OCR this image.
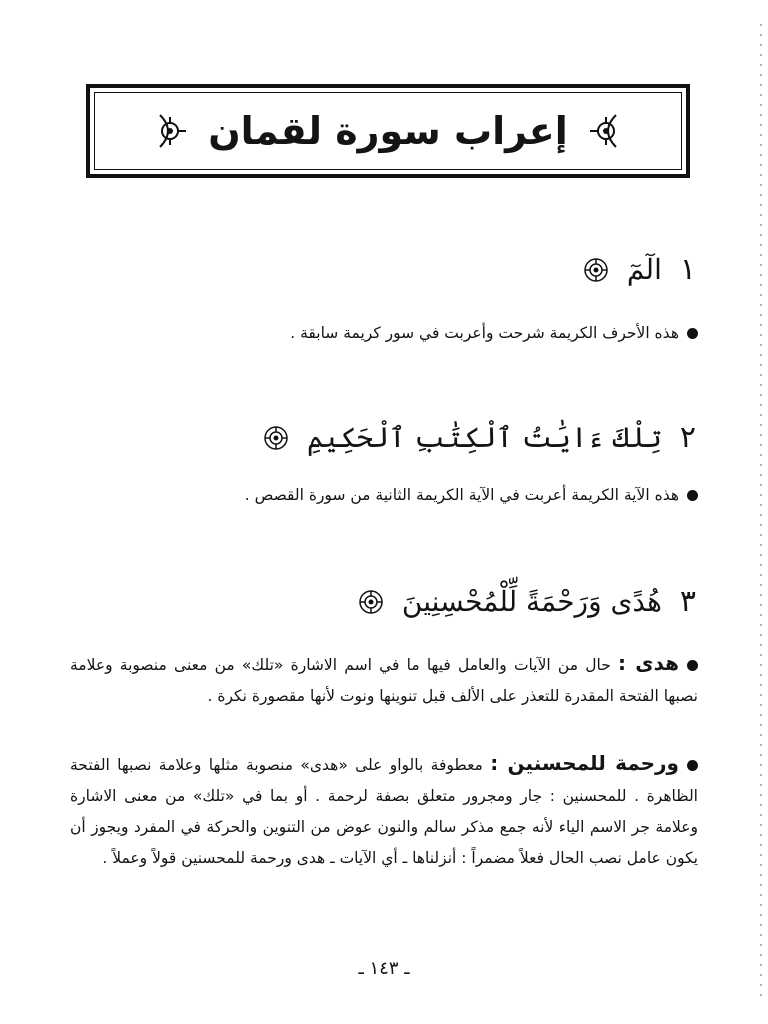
إعراب سورة لقمان
١
الٓمٓ
هذه الأحرف الكريمة شرحت وأعربت في سور كريمة سابقة .
٢
تِلْكَ ءَايَٰتُ ٱلْكِتَٰبِ ٱلْحَكِيمِ
هذه الآية الكريمة أعربت في الآية الكريمة الثانية من سورة القصص .
٣
هُدًى وَرَحْمَةً لِّلْمُحْسِنِينَ
هدى : حال من الآيات والعامل فيها ما في اسم الاشارة «تلك» من معنى منصوبة وعلامة نصبها الفتحة المقدرة للتعذر على الألف قبل تنوينها ونوت لأنها مقصورة نكرة .
ورحمة للمحسنين : معطوفة بالواو على «هدى» منصوبة مثلها وعلامة نصبها الفتحة الظاهرة . للمحسنين : جار ومجرور متعلق بصفة لرحمة . أو بما في «تلك» من معنى الاشارة وعلامة جر الاسم الياء لأنه جمع مذكر سالم والنون عوض من التنوين والحركة في المفرد ويجوز أن يكون عامل نصب الحال فعلاً مضمراً : أنزلناها ـ أي الآيات ـ هدى ورحمة للمحسنين قولاً وعملاً .
ـ ١٤٣ ـ
